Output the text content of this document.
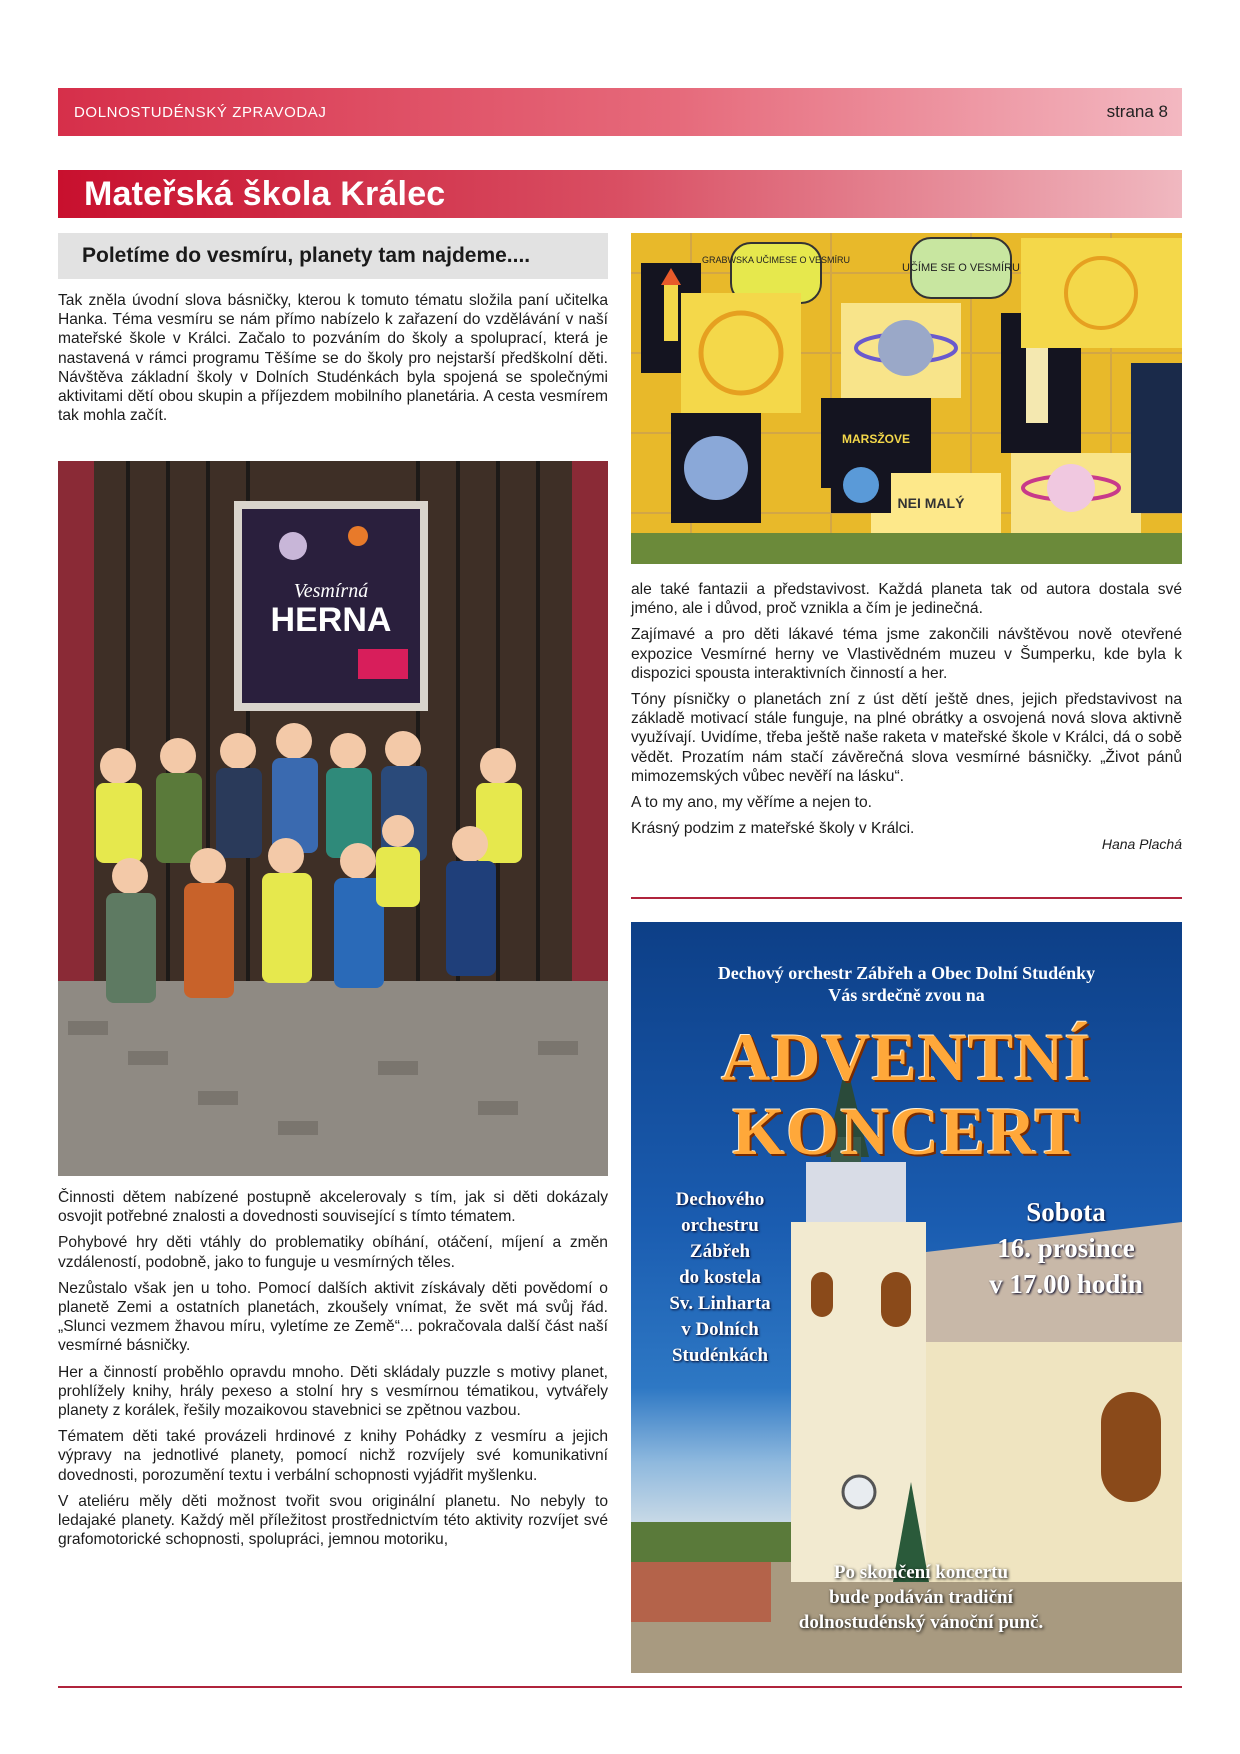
DOLNOSTUDÉNSKÝ ZPRAVODAJ	strana 8
Mateřská škola Králec
Poletíme do vesmíru, planety tam najdeme....

Tak zněla úvodní slova básničky, kterou k tomuto tématu složila paní učitelka Hanka. Téma vesmíru se nám přímo nabízelo k zařazení do vzdělávání v naší mateřské škole v Králci. Začalo to pozváním do školy a spoluprací, která je nastavená v rámci programu Těšíme se do školy pro nejstarší předškolní děti. Návštěva základní školy v Dolních Studénkách byla spojená se společnými aktivitami dětí obou skupin a příjezdem mobilního planetária. A cesta vesmírem tak mohla začít.

Vesmírná
HERNA
GRABWSKA UČIMESE O VESMÍRU
UČÍME SE O VESMÍRU
MARSŽOVE
NEI MALÝ

ale také fantazii a představivost. Každá planeta tak od autora dostala své jméno, ale i důvod, proč vznikla a čím je jedinečná.

Zajímavé a pro děti lákavé téma jsme zakončili návštěvou nově otevřené expozice Vesmírné herny ve Vlastivědném muzeu v Šumperku, kde byla k dispozici spousta interaktivních činností a her.

Tóny písničky o planetách zní z úst dětí ještě dnes, jejich představivost na základě motivací stále funguje, na plné obrátky a osvojená nová slova aktivně využívají. Uvidíme, třeba ještě naše raketa v mateřské škole v Králci, dá o sobě vědět. Prozatím nám stačí závěrečná slova vesmírné básničky. „Život pánů mimozemských vůbec nevěří na lásku“.

A to my ano, my věříme a nejen to.

Krásný podzim z mateřské školy v Králci.

Hana Plachá

Činnosti dětem nabízené postupně akcelerovaly s tím, jak si děti dokázaly osvojit potřebné znalosti a dovednosti související s tímto tématem.

Pohybové hry děti vtáhly do problematiky obíhání, otáčení, míjení a změn vzdáleností, podobně, jako to funguje u vesmírných těles.

Nezůstalo však jen u toho. Pomocí dalších aktivit získávaly děti povědomí o planetě Zemi a ostatních planetách, zkoušely vnímat, že svět má svůj řád. „Slunci vezmem žhavou míru, vyletíme ze Země“... pokračovala další část naší vesmírné básničky.

Her a činností proběhlo opravdu mnoho. Děti skládaly puzzle s motivy planet, prohlížely knihy, hrály pexeso a stolní hry s vesmírnou tématikou, vytvářely planety z korálek, řešily mozaikovou stavebnici se zpětnou vazbou.

Tématem děti také provázeli hrdinové z knihy Pohádky z vesmíru a jejich výpravy na jednotlivé planety, pomocí nichž rozvíjely své komunikativní dovednosti, porozumění textu i verbální schopnosti vyjádřit myšlenku.

V ateliéru měly děti možnost tvořit svou originální planetu. No nebyly to ledajaké planety. Každý měl příležitost prostřednictvím této aktivity rozvíjet své grafomotorické schopnosti, spolupráci, jemnou motoriku,

Dechový orchestr Zábřeh a Obec Dolní Studénky
Vás srdečně zvou na
ADVENTNÍ
KONCERT
Dechového
orchestru
Zábřeh
do kostela
Sv. Linharta
v Dolních
Studénkách
Sobota
16. prosince
v 17.00 hodin
Po skončení koncertu
bude podáván tradiční
dolnostudénský vánoční punč.
